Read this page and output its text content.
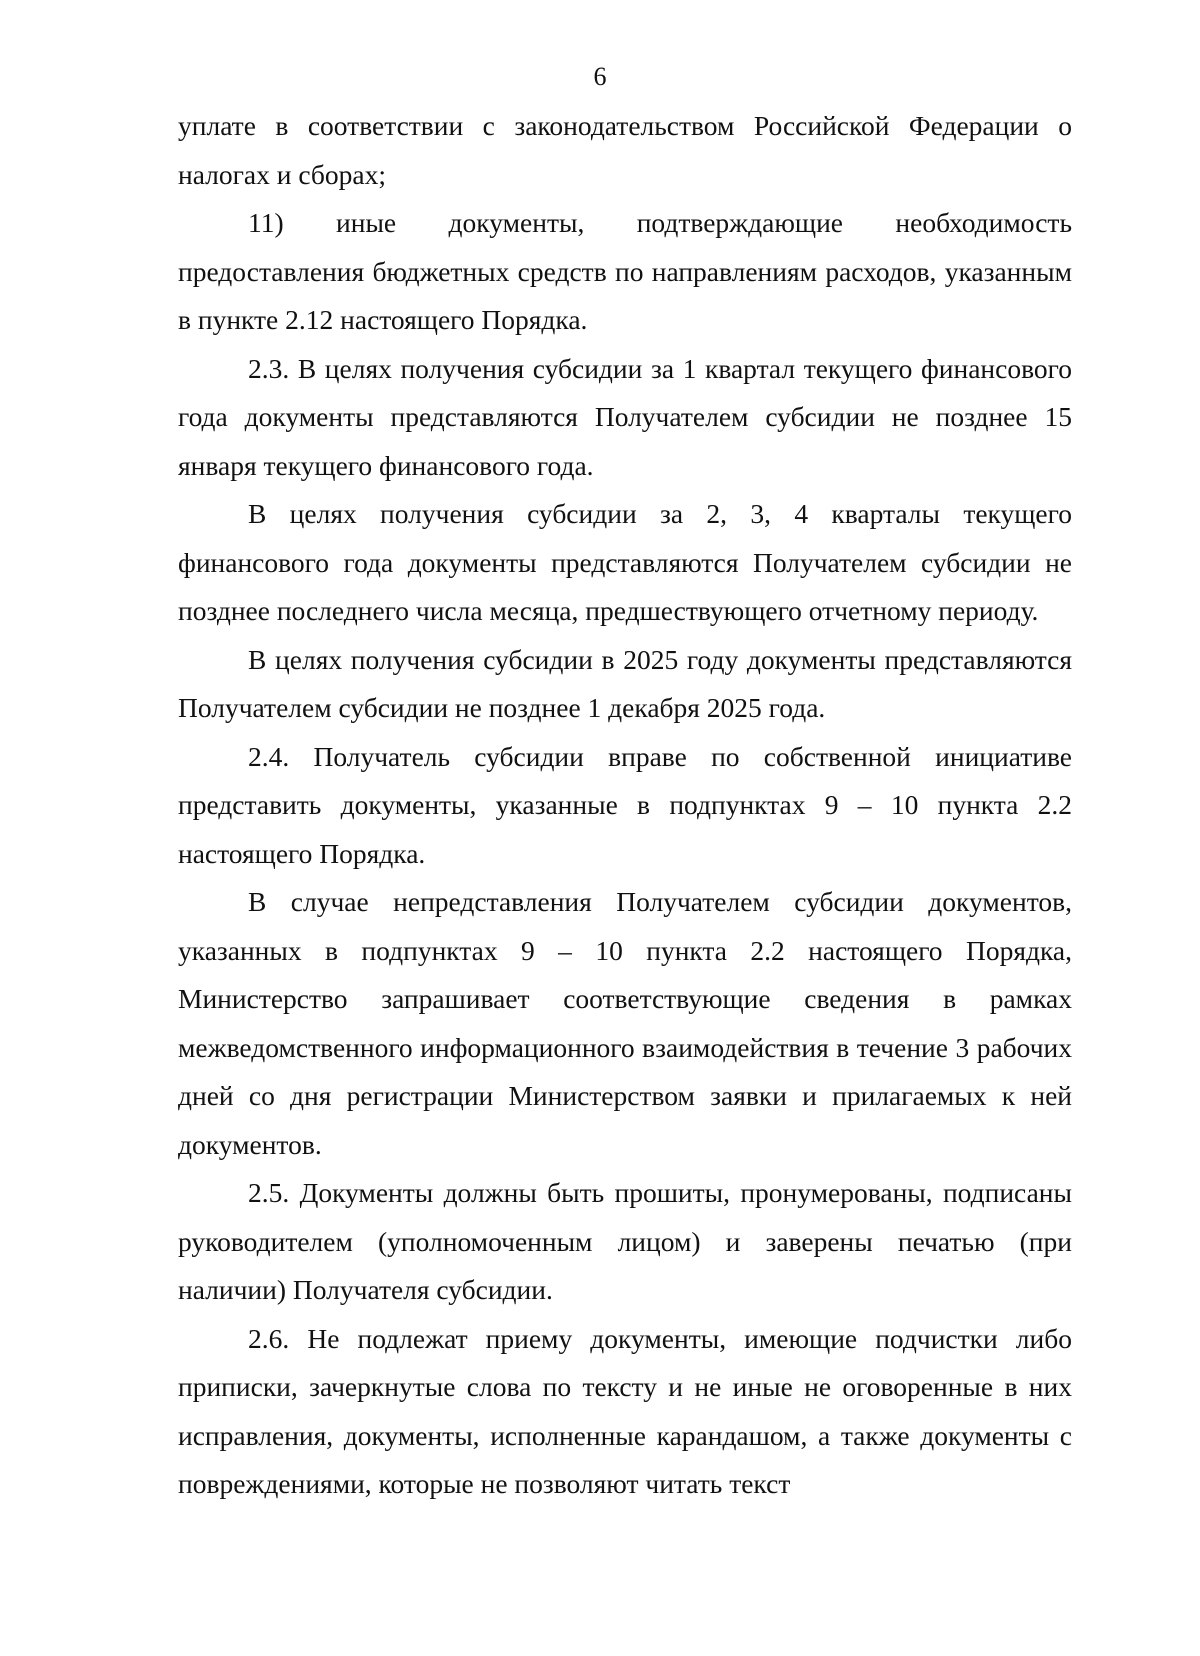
6

уплате в соответствии с законодательством Российской Федерации о налогах и сборах;

11) иные документы, подтверждающие необходимость предоставления бюджетных средств по направлениям расходов, указанным в пункте 2.12 настоящего Порядка.

2.3. В целях получения субсидии за 1 квартал текущего финансового года документы представляются Получателем субсидии не позднее 15 января текущего финансового года.

В целях получения субсидии за 2, 3, 4 кварталы текущего финансового года документы представляются Получателем субсидии не позднее последнего числа месяца, предшествующего отчетному периоду.

В целях получения субсидии в 2025 году документы представляются Получателем субсидии не позднее 1 декабря 2025 года.

2.4. Получатель субсидии вправе по собственной инициативе представить документы, указанные в подпунктах 9 – 10 пункта 2.2 настоящего Порядка.

В случае непредставления Получателем субсидии документов, указанных в подпунктах 9 – 10 пункта 2.2 настоящего Порядка, Министерство запрашивает соответствующие сведения в рамках межведомственного информационного взаимодействия в течение 3 рабочих дней со дня регистрации Министерством заявки и прилагаемых к ней документов.

2.5. Документы должны быть прошиты, пронумерованы, подписаны руководителем (уполномоченным лицом) и заверены печатью (при наличии) Получателя субсидии.

2.6. Не подлежат приему документы, имеющие подчистки либо приписки, зачеркнутые слова по тексту и не иные не оговоренные в них исправления, документы, исполненные карандашом, а также документы с повреждениями, которые не позволяют читать текст
